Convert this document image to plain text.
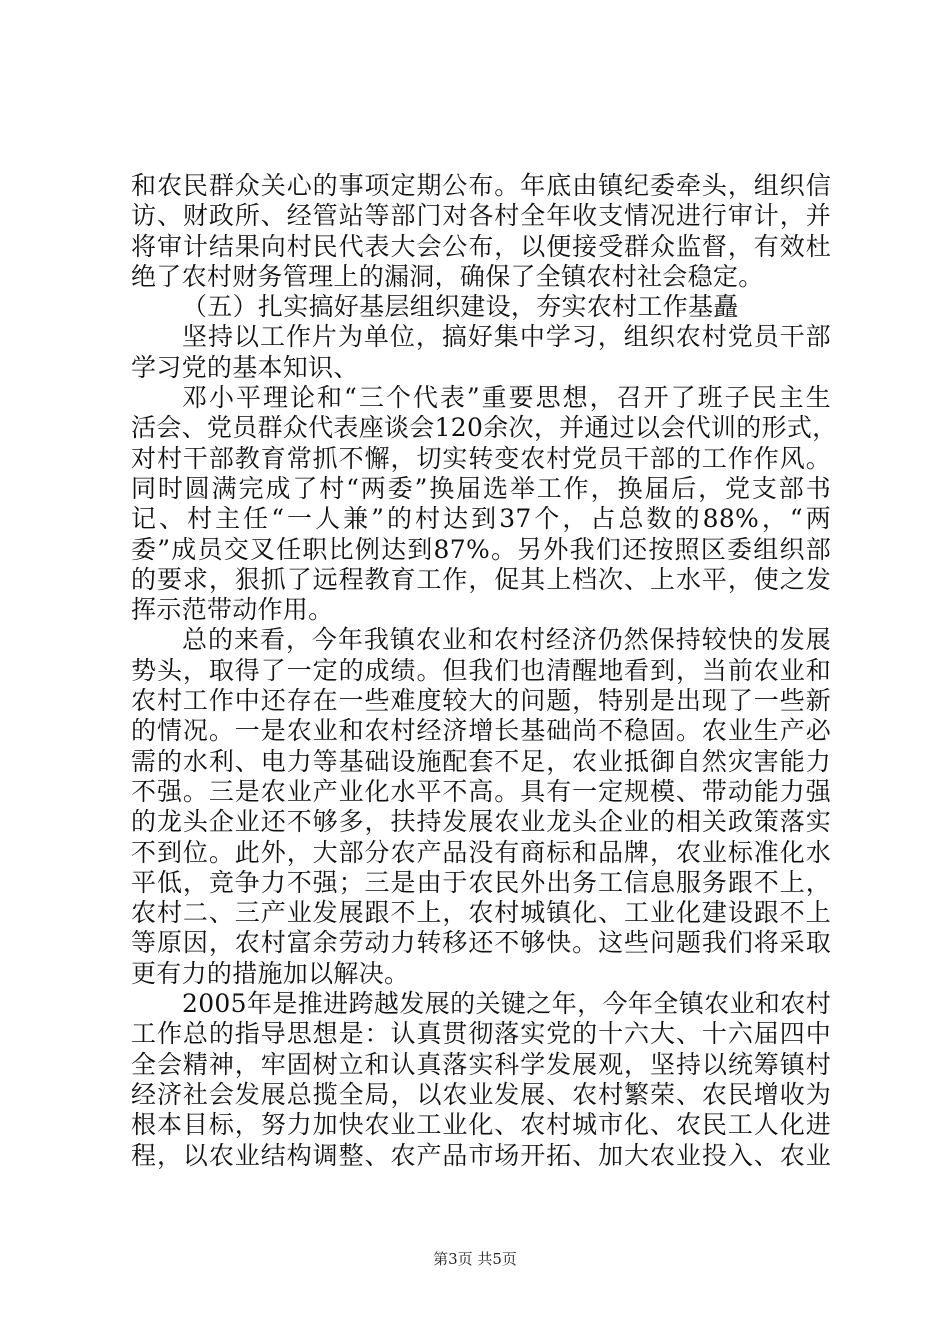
和农民群众关心的事项定期公布。年底由镇纪委牵头，组织信
访、财政所、经管站等部门对各村全年收支情况进行审计，并
将审计结果向村民代表大会公布，以便接受群众监督，有效杜
绝了农村财务管理上的漏洞，确保了全镇农村社会稳定。
（五）扎实搞好基层组织建设，夯实农村工作基矗
坚持以工作片为单位，搞好集中学习，组织农村党员干部
学习党的基本知识、
邓小平理论和“三个代表”重要思想，召开了班子民主生
活会、党员群众代表座谈会120余次，并通过以会代训的形式，
对村干部教育常抓不懈，切实转变农村党员干部的工作作风。
同时圆满完成了村“两委”换届选举工作，换届后，党支部书
记、村主任“一人兼”的村达到37个，占总数的88%，“两
委”成员交叉任职比例达到87%。另外我们还按照区委组织部
的要求，狠抓了远程教育工作，促其上档次、上水平，使之发
挥示范带动作用。
总的来看，今年我镇农业和农村经济仍然保持较快的发展
势头，取得了一定的成绩。但我们也清醒地看到，当前农业和
农村工作中还存在一些难度较大的问题，特别是出现了一些新
的情况。一是农业和农村经济增长基础尚不稳固。农业生产必
需的水利、电力等基础设施配套不足，农业抵御自然灾害能力
不强。三是农业产业化水平不高。具有一定规模、带动能力强
的龙头企业还不够多，扶持发展农业龙头企业的相关政策落实
不到位。此外，大部分农产品没有商标和品牌，农业标准化水
平低，竞争力不强；三是由于农民外出务工信息服务跟不上，
农村二、三产业发展跟不上，农村城镇化、工业化建设跟不上
等原因，农村富余劳动力转移还不够快。这些问题我们将采取
更有力的措施加以解决。
2005年是推进跨越发展的关键之年，今年全镇农业和农村
工作总的指导思想是：认真贯彻落实党的十六大、十六届四中
全会精神，牢固树立和认真落实科学发展观，坚持以统筹镇村
经济社会发展总揽全局，以农业发展、农村繁荣、农民增收为
根本目标，努力加快农业工业化、农村城市化、农民工人化进
程，以农业结构调整、农产品市场开拓、加大农业投入、农业
第3页 共5页
